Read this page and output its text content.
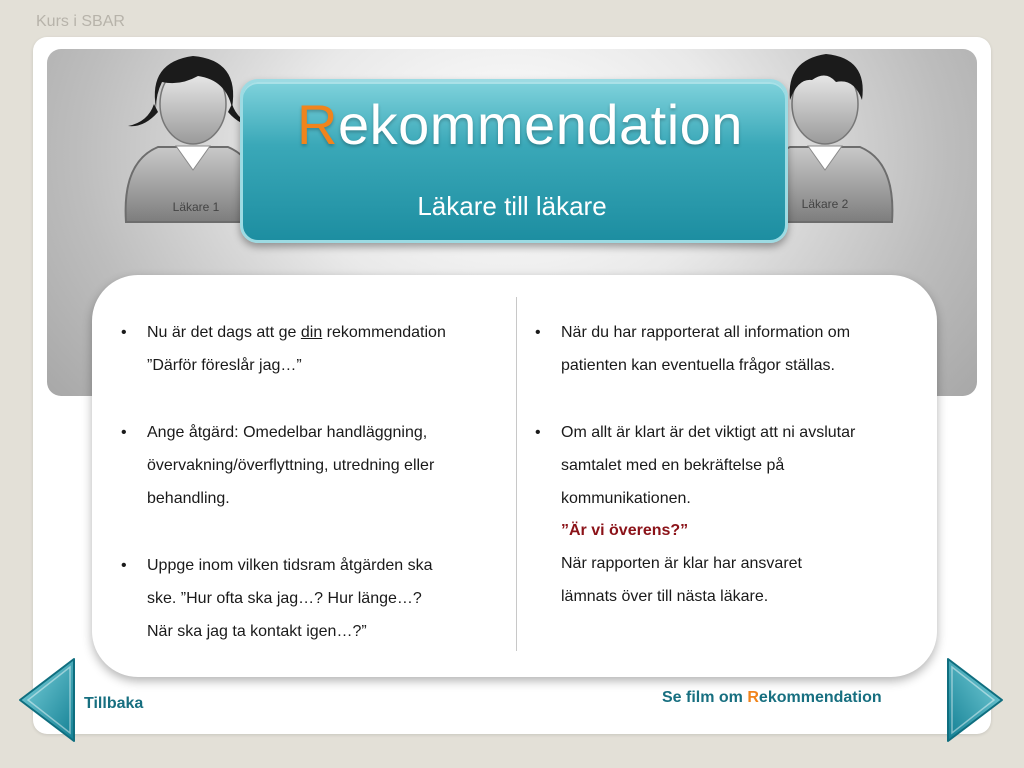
Kurs i SBAR
Läkare 1	Läkare 2
Rekommendation
Läkare till läkare
• Nu är det dags att ge din rekommendation
”Därför föreslår jag…”
• Ange åtgärd: Omedelbar handläggning,
övervakning/överflyttning, utredning eller
behandling.
• Uppge inom vilken tidsram åtgärden ska
ske. ”Hur ofta ska jag…? Hur länge…?
När ska jag ta kontakt igen…?”
• När du har rapporterat all information om
patienten kan eventuella frågor ställas.
• Om allt är klart är det viktigt att ni avslutar
samtalet med en bekräftelse på
kommunikationen.
”Är vi överens?”
När rapporten är klar har ansvaret
lämnats över till nästa läkare.
Tillbaka	Se film om Rekommendation
